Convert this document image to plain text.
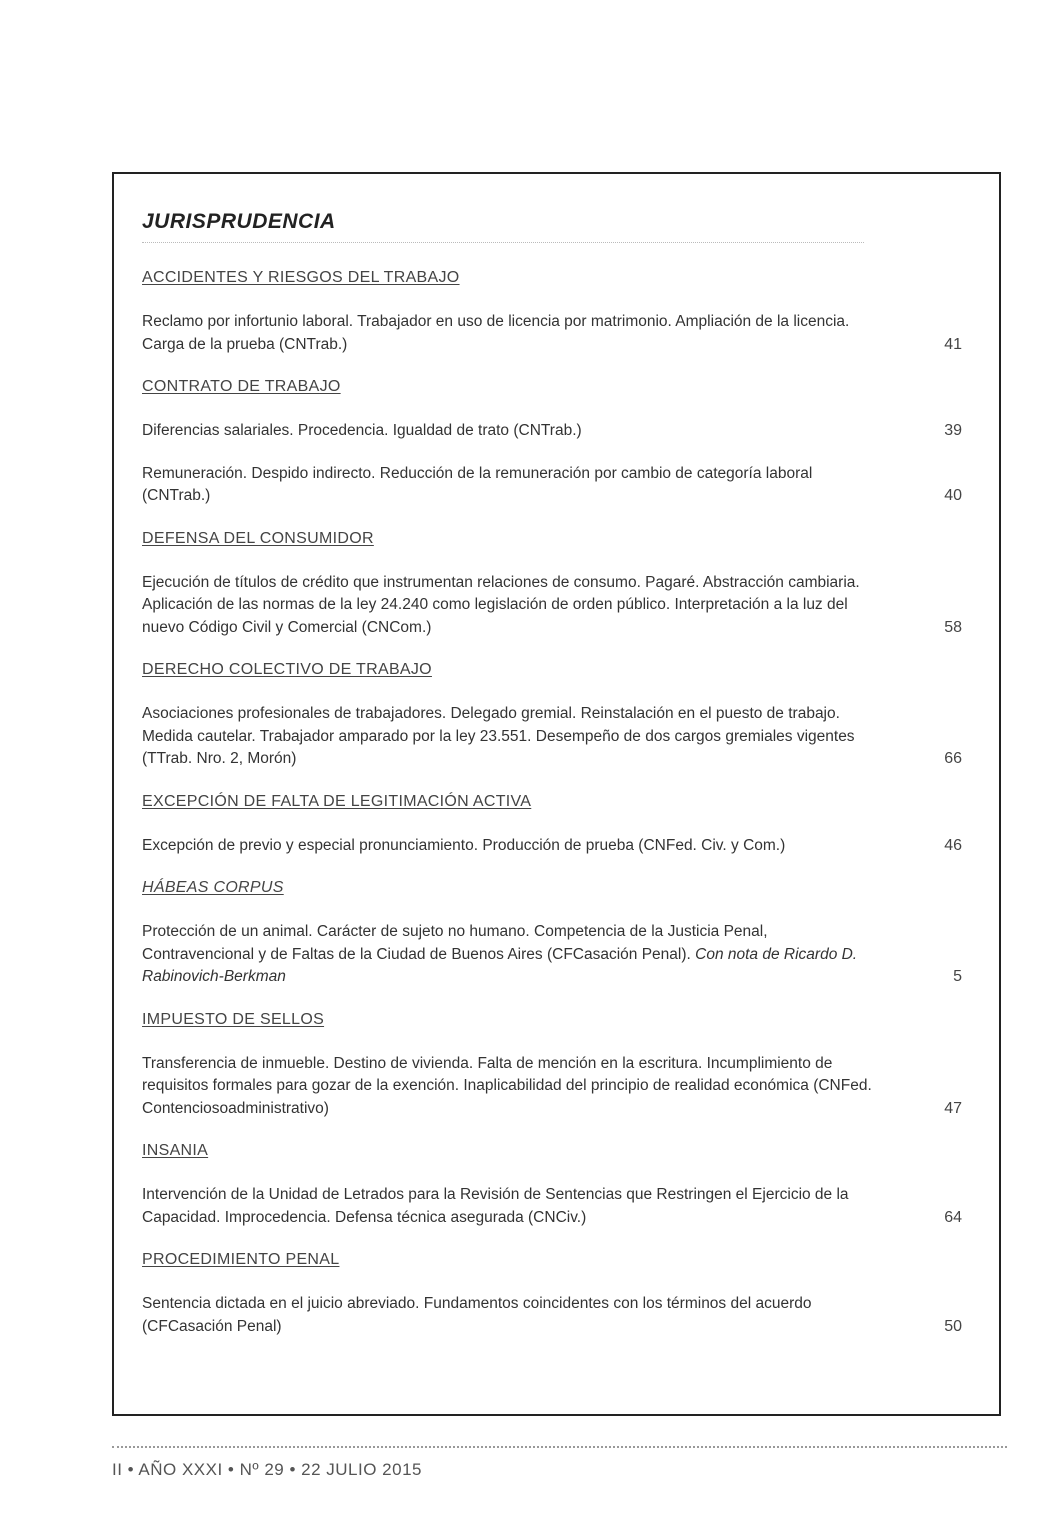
JURISPRUDENCIA
ACCIDENTES Y RIESGOS DEL TRABAJO
Reclamo por infortunio laboral. Trabajador en uso de licencia por matrimonio. Ampliación de la licencia. Carga de la prueba (CNTrab.)	41
CONTRATO DE TRABAJO
Diferencias salariales. Procedencia. Igualdad de trato (CNTrab.)	39
Remuneración. Despido indirecto. Reducción de la remuneración por cambio de categoría laboral (CNTrab.)	40
DEFENSA DEL CONSUMIDOR
Ejecución de títulos de crédito que instrumentan relaciones de consumo. Pagaré. Abstracción cambiaria. Aplicación de las normas de la ley 24.240 como legislación de orden público. Interpretación a la luz del nuevo Código Civil y Comercial (CNCom.)	58
DERECHO COLECTIVO DE TRABAJO
Asociaciones profesionales de trabajadores. Delegado gremial. Reinstalación en el puesto de trabajo. Medida cautelar. Trabajador amparado por la ley 23.551. Desempeño de dos cargos gremiales vigentes (TTrab. Nro. 2, Morón)	66
EXCEPCIÓN DE FALTA DE LEGITIMACIÓN ACTIVA
Excepción de previo y especial pronunciamiento. Producción de prueba (CNFed. Civ. y Com.)	46
HÁBEAS CORPUS
Protección de un animal. Carácter de sujeto no humano. Competencia de la Justicia Penal, Contravencional y de Faltas de la Ciudad de Buenos Aires (CFCasación Penal). Con nota de Ricardo D. Rabinovich-Berkman	5
IMPUESTO DE SELLOS
Transferencia de inmueble. Destino de vivienda. Falta de mención en la escritura. Incumplimiento de requisitos formales para gozar de la exención. Inaplicabilidad del principio de realidad económica (CNFed. Contenciosoadministrativo)	47
INSANIA
Intervención de la Unidad de Letrados para la Revisión de Sentencias que Restringen el Ejercicio de la Capacidad. Improcedencia. Defensa técnica asegurada (CNCiv.)	64
PROCEDIMIENTO PENAL
Sentencia dictada en el juicio abreviado. Fundamentos coincidentes con los términos del acuerdo (CFCasación Penal)	50
II • AÑO XXXI • Nº 29 • 22 JULIO 2015
